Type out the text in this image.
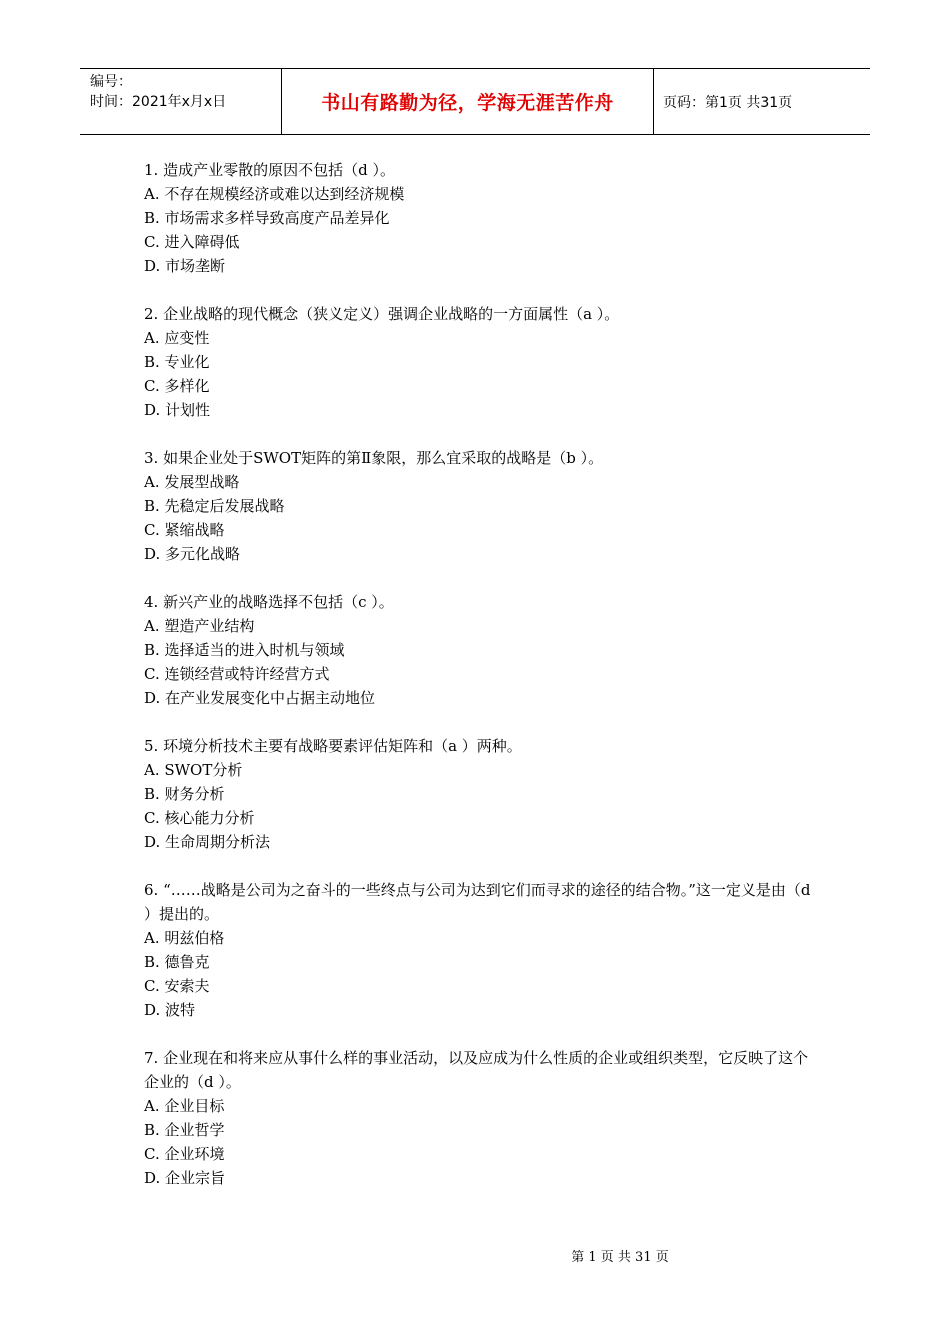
编号：
时间：2021年x月x日	书山有路勤为径，学海无涯苦作舟	页码：第1页 共31页
1. 造成产业零散的原因不包括（d ）。
A. 不存在规模经济或难以达到经济规模
B. 市场需求多样导致高度产品差异化
C. 进入障碍低
D. 市场垄断
2. 企业战略的现代概念（狭义定义）强调企业战略的一方面属性（a ）。
A. 应变性
B. 专业化
C. 多样化
D. 计划性
3. 如果企业处于SWOT矩阵的第Ⅱ象限，那么宜采取的战略是（b ）。
A. 发展型战略
B. 先稳定后发展战略
C. 紧缩战略
D. 多元化战略
4. 新兴产业的战略选择不包括（c ）。
A. 塑造产业结构
B. 选择适当的进入时机与领域
C. 连锁经营或特许经营方式
D. 在产业发展变化中占据主动地位
5. 环境分析技术主要有战略要素评估矩阵和（a ）两种。
A. SWOT分析
B. 财务分析
C. 核心能力分析
D. 生命周期分析法
6. “……战略是公司为之奋斗的一些终点与公司为达到它们而寻求的途径的结合物。”这一定义是由（d ）提出的。
A. 明兹伯格
B. 德鲁克
C. 安索夫
D. 波特
7. 企业现在和将来应从事什么样的事业活动，以及应成为什么性质的企业或组织类型，它反映了这个企业的（d ）。
A. 企业目标
B. 企业哲学
C. 企业环境
D. 企业宗旨
第 1 页 共 31 页
